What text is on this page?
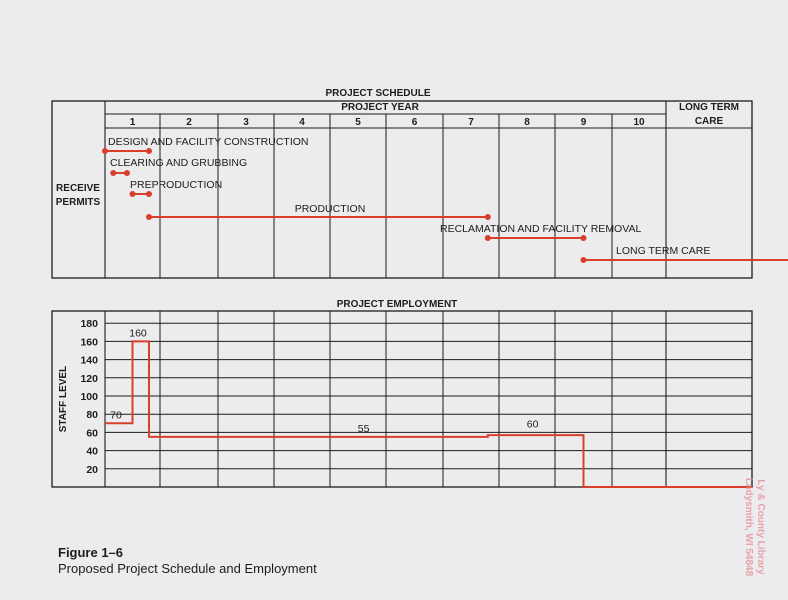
PROJECT SCHEDULE
PROJECT YEAR	LONG TERM
CARE
RECEIVE
PERMITS
1	2	3	4	5	6	7	8	9	10
DESIGN AND FACILITY CONSTRUCTION
CLEARING AND GRUBBING
PREPRODUCTION
PRODUCTION
RECLAMATION AND FACILITY REMOVAL
LONG TERM CARE
PROJECT EMPLOYMENT
STAFF LEVEL
180
160
140
120
100
80
60
40
20
160
70
55	60
Figure 1–6
Proposed Project Schedule and Employment	Ly & County Library
Ladysmith, WI 54848
